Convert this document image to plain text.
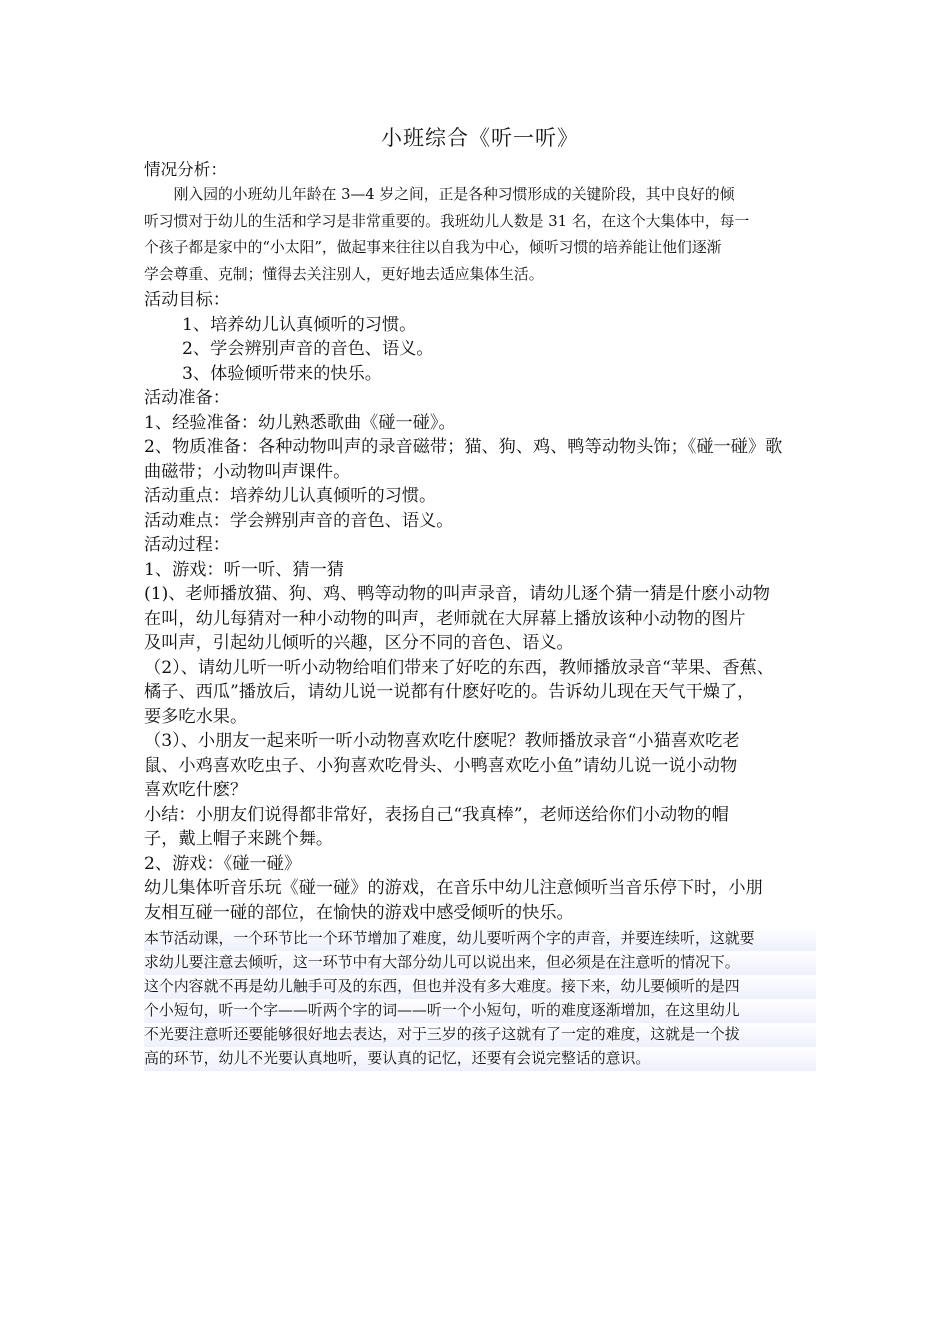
小班综合《听一听》

情况分析：

　　刚入园的小班幼儿年龄在 3—4 岁之间，正是各种习惯形成的关键阶段，其中良好的倾

听习惯对于幼儿的生活和学习是非常重要的。我班幼儿人数是 31 名，在这个大集体中，每一

个孩子都是家中的“小太阳”，做起事来往往以自我为中心，倾听习惯的培养能让他们逐渐

学会尊重、克制；懂得去关注别人，更好地去适应集体生活。

活动目标：

1、培养幼儿认真倾听的习惯。

2、学会辨别声音的音色、语义。

3、体验倾听带来的快乐。

活动准备：

1、经验准备：幼儿熟悉歌曲《碰一碰》。

2、物质准备：各种动物叫声的录音磁带；猫、狗、鸡、鸭等动物头饰；《碰一碰》歌

曲磁带；小动物叫声课件。

活动重点：培养幼儿认真倾听的习惯。

活动难点：学会辨别声音的音色、语义。

活动过程：

1、游戏：听一听、猜一猜

(1)、老师播放猫、狗、鸡、鸭等动物的叫声录音，请幼儿逐个猜一猜是什麽小动物

在叫，幼儿每猜对一种小动物的叫声，老师就在大屏幕上播放该种小动物的图片

及叫声，引起幼儿倾听的兴趣，区分不同的音色、语义。

（2）、请幼儿听一听小动物给咱们带来了好吃的东西，教师播放录音“苹果、香蕉、

橘子、西瓜”播放后，请幼儿说一说都有什麽好吃的。告诉幼儿现在天气干燥了，

要多吃水果。

（3）、小朋友一起来听一听小动物喜欢吃什麽呢？教师播放录音“小猫喜欢吃老

鼠、小鸡喜欢吃虫子、小狗喜欢吃骨头、小鸭喜欢吃小鱼”请幼儿说一说小动物

喜欢吃什麽？

小结：小朋友们说得都非常好，表扬自己“我真棒”，老师送给你们小动物的帽

子，戴上帽子来跳个舞。

2、游戏：《碰一碰》

幼儿集体听音乐玩《碰一碰》的游戏，在音乐中幼儿注意倾听当音乐停下时，小朋

友相互碰一碰的部位，在愉快的游戏中感受倾听的快乐。

本节活动课，一个环节比一个环节增加了难度，幼儿要听两个字的声音，并要连续听，这就要

求幼儿要注意去倾听，这一环节中有大部分幼儿可以说出来，但必须是在注意听的情况下。

这个内容就不再是幼儿触手可及的东西，但也并没有多大难度。接下来，幼儿要倾听的是四

个小短句，听一个字——听两个字的词——听一个小短句，听的难度逐渐增加，在这里幼儿

不光要注意听还要能够很好地去表达，对于三岁的孩子这就有了一定的难度，这就是一个拔

高的环节，幼儿不光要认真地听，要认真的记忆，还要有会说完整话的意识。
